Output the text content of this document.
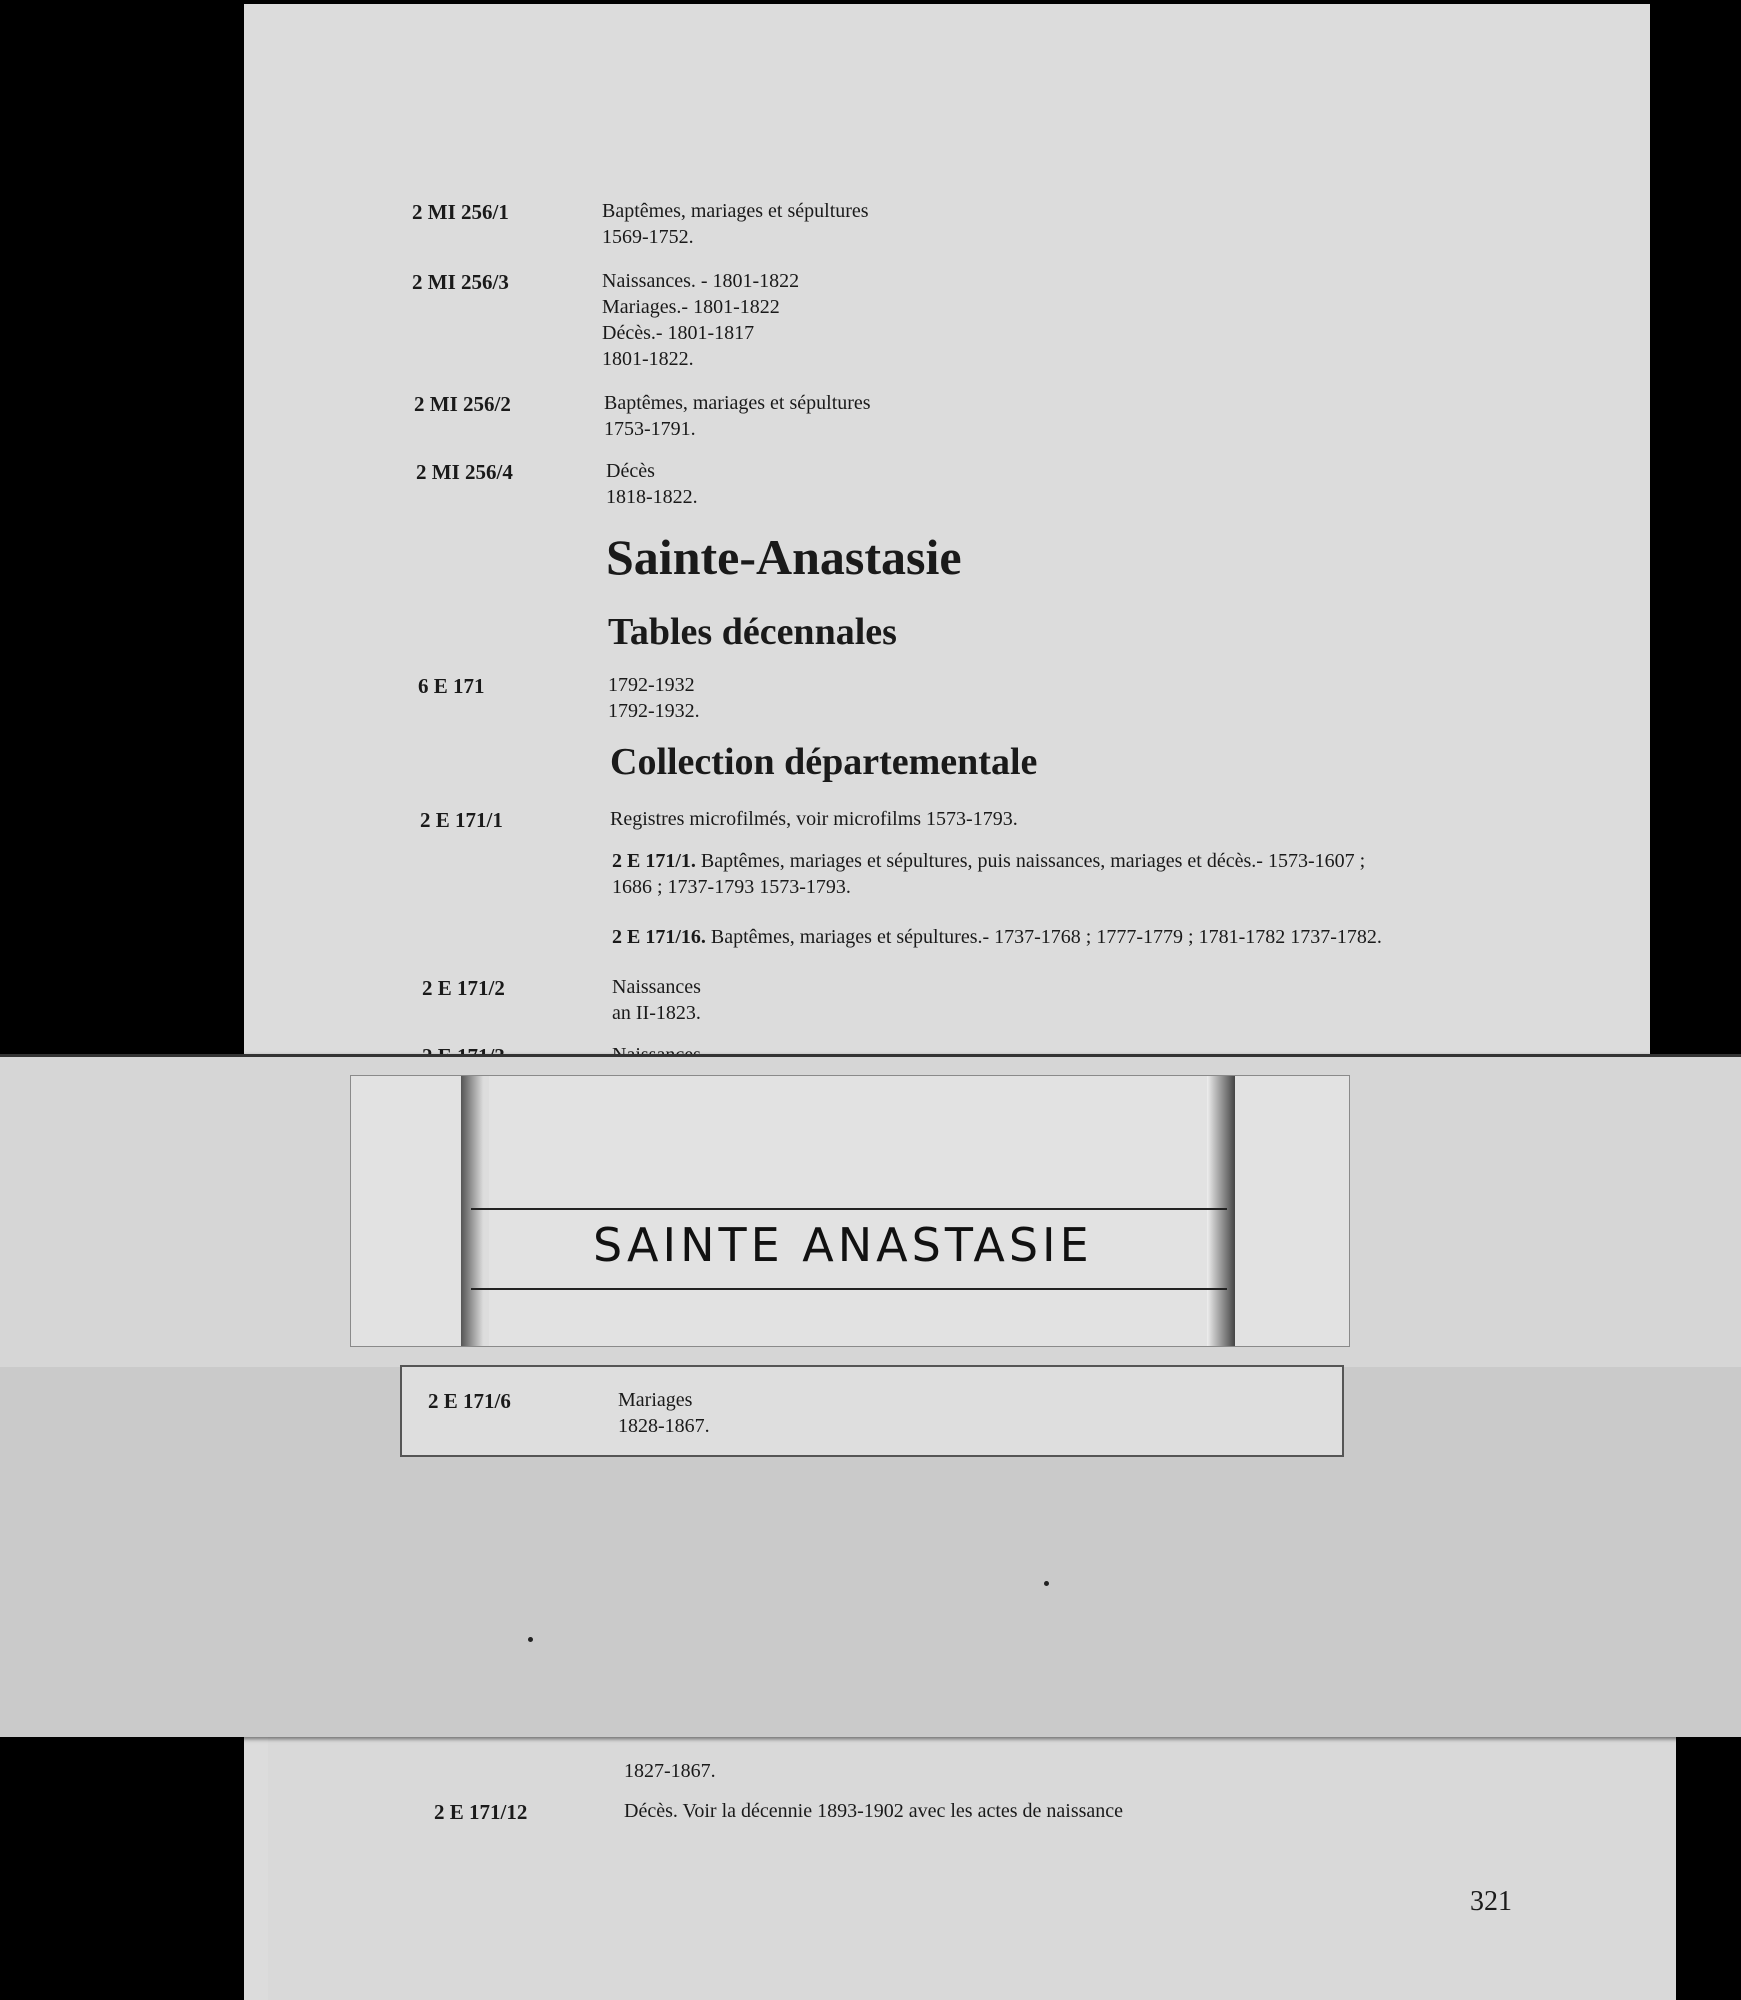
2 MI 256/1	Baptêmes, mariages et sépultures
1569-1752.
2 MI 256/3	Naissances. - 1801-1822
Mariages.- 1801-1822
Décès.- 1801-1817
1801-1822.
2 MI 256/2	Baptêmes, mariages et sépultures
1753-1791.
2 MI 256/4	Décès
1818-1822.
Sainte-Anastasie
Tables décennales
6 E 171	1792-1932
1792-1932.
Collection départementale
2 E 171/1	Registres microfilmés, voir microfilms 1573-1793.
2 E 171/1. Baptêmes, mariages et sépultures, puis naissances, mariages et décès.- 1573-1607 ;
1686 ; 1737-1793 1573-1793.
2 E 171/16. Baptêmes, mariages et sépultures.- 1737-1768 ; 1777-1779 ; 1781-1782 1737-1782.
2 E 171/2	Naissances
an II-1823.
SAINTE ANASTASIE
2 E 171/6	Mariages
1828-1867.
1827-1867.
2 E 171/12	Décès. Voir la décennie 1893-1902 avec les actes de naissance
321
